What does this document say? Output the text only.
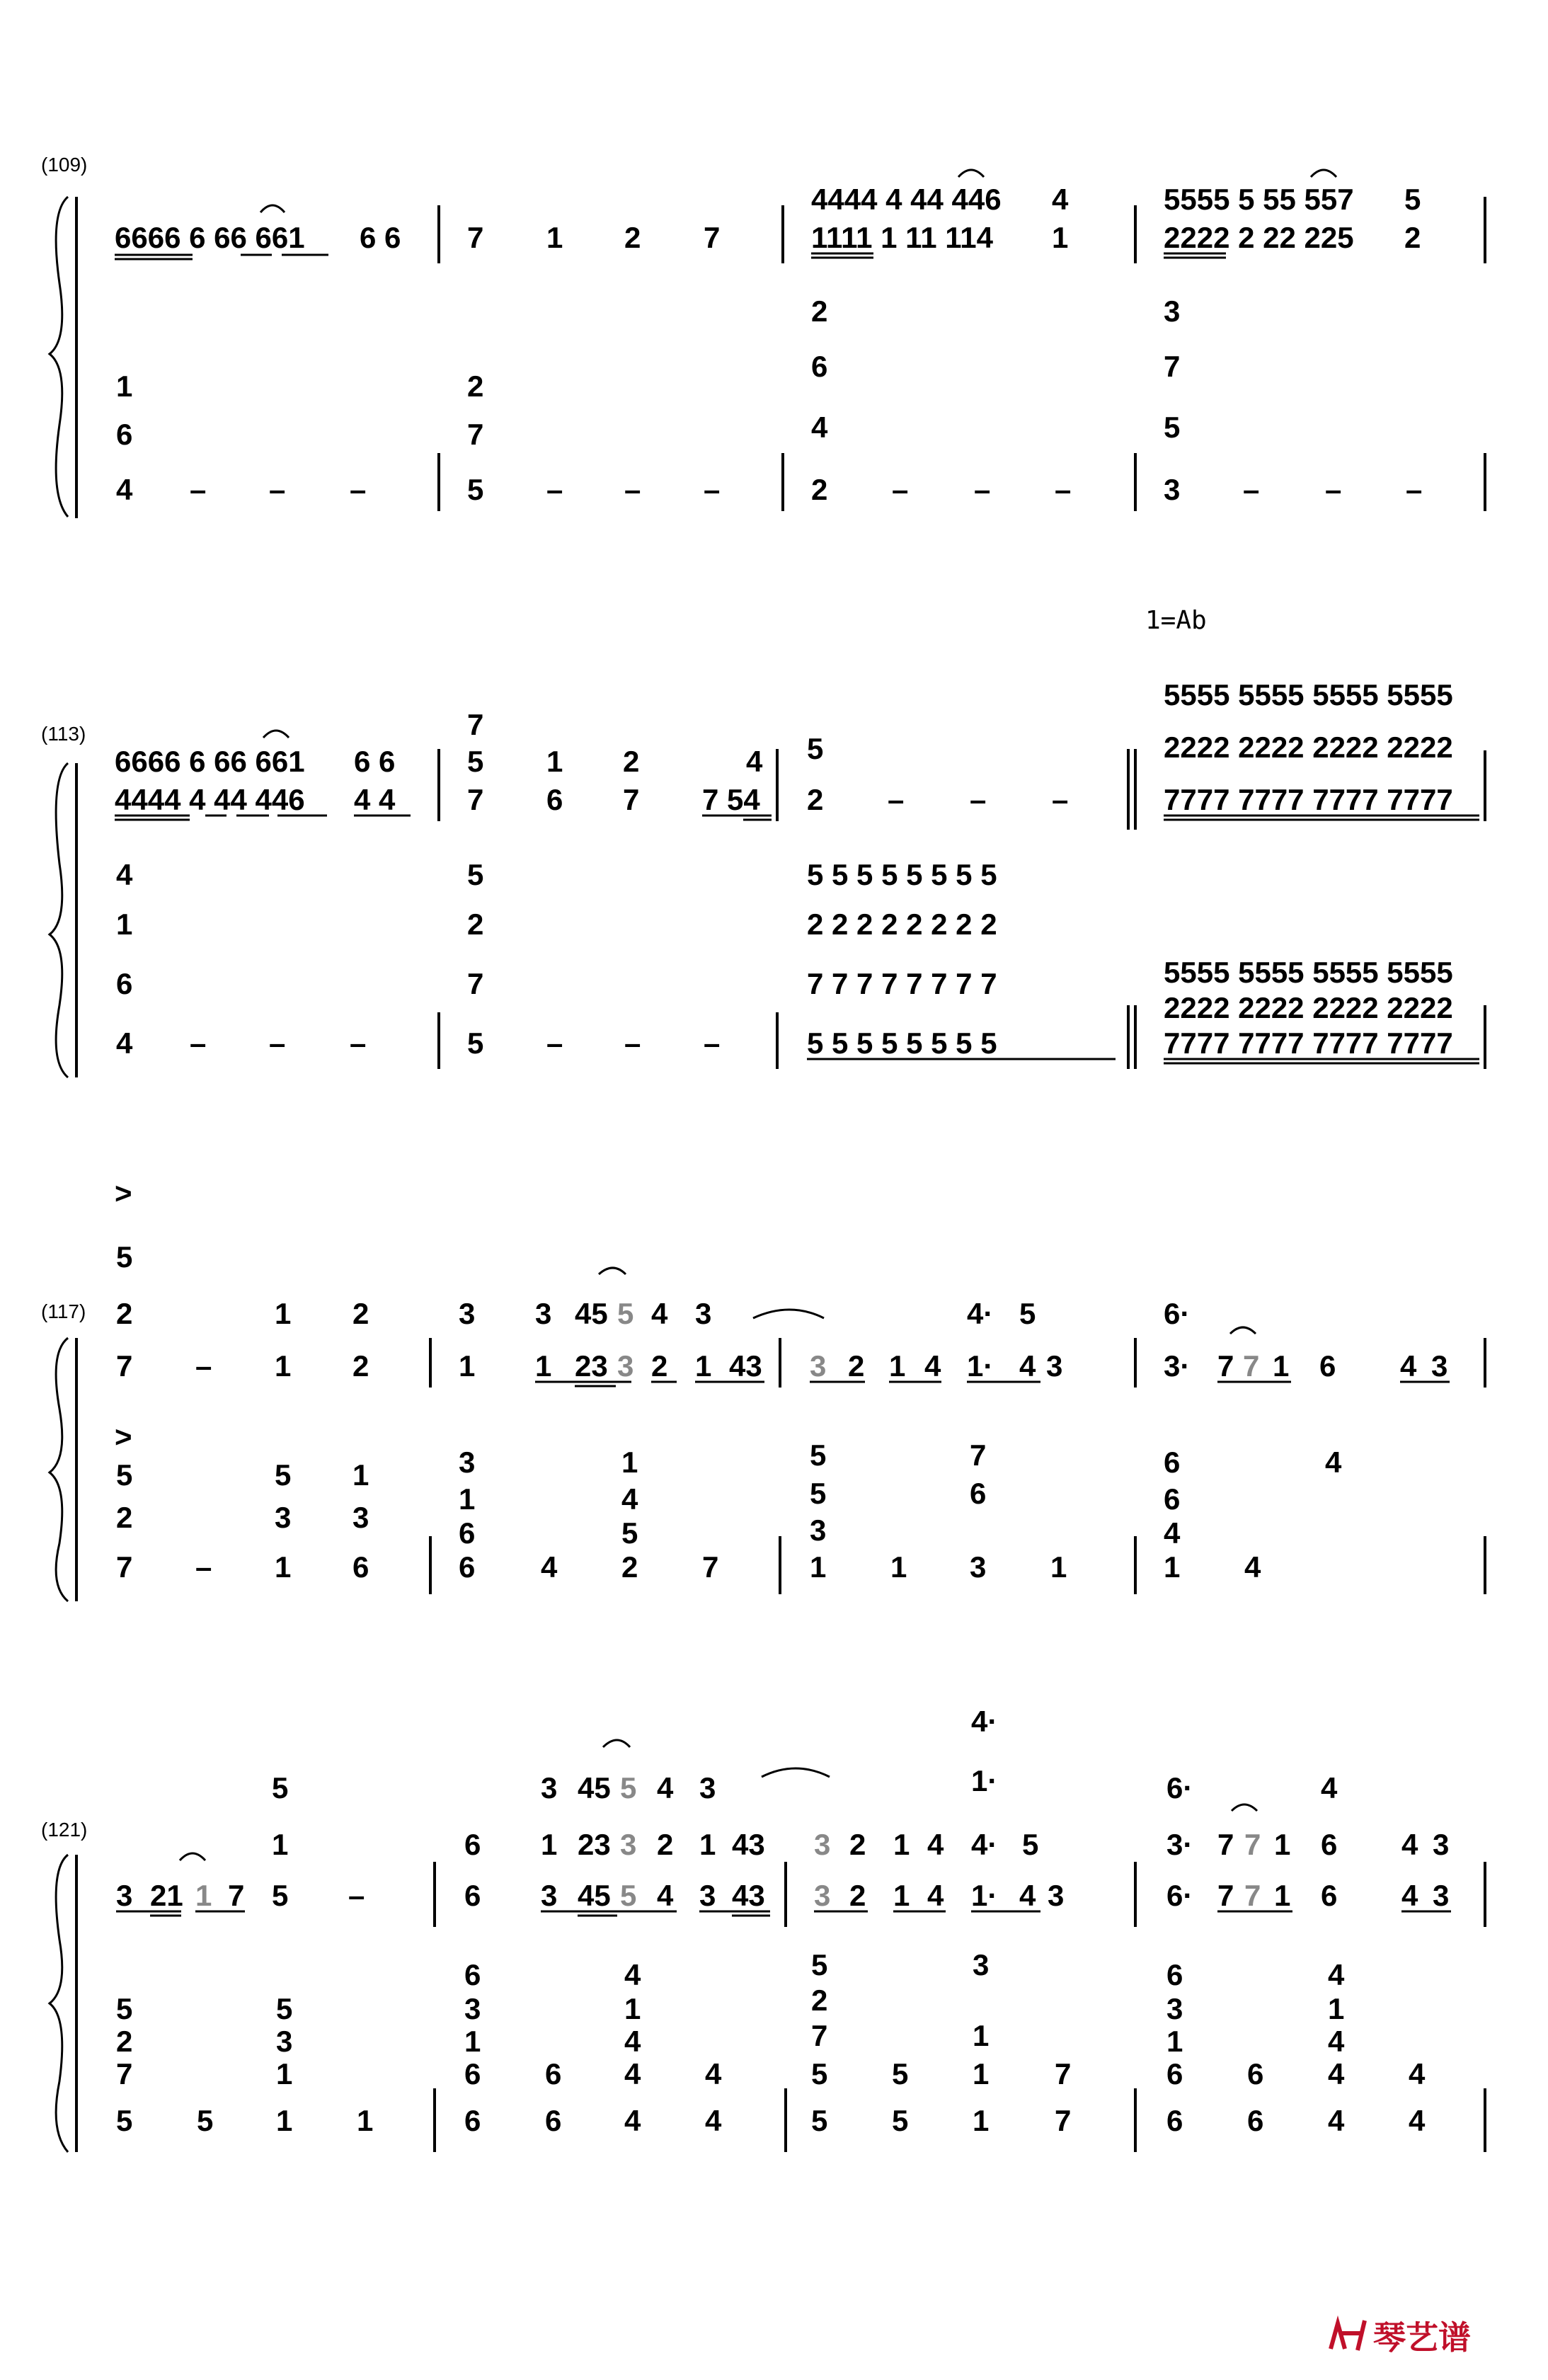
(109)
6666 6 66 661 6 6 7 1 2 7
4444 4 44 446 4
1111 1 11 114 1
5555 5 55 557 5
2222 2 22 225 2
1
6
4 – – –
2
7
5 – – –
2
6
4
2 – – –
3
7
5
3 – – –
1=Ab
(113)
6666 6 66 661 6 6
4444 4 44 446 4 4
7
5 1 2
7 6 7 7 54
4 5
2 – – –
5555 5555 5555 5555
2222 2222 2222 2222
7777 7777 7777 7777
4
1
6
4 – – –
5
2
7
5 – – –
5 5 5 5 5 5 5 5
2 2 2 2 2 2 2 2
7 7 7 7 7 7 7 7
5 5 5 5 5 5 5 5
5555 5555 5555 5555
2222 2222 2222 2222
7777 7777 7777 7777
(117)
>
5
2	1 2
7 – 1 2
3 3 45 5 4 3
1 1 23 3 2 1 43
4· 5
3 2 1 4 1· 4 3
6·
3· 7 7 1 6 4 3
>
5
2
7 – 1
3 3
5 1
6
3
1
6
6 4
1
4
5
2 7
5
5
3
1 1
7
6
3 1
6
6
4
1 4
4
(121)
5
1
3 21 1 7 5 –
6
3 45 5 4 3
1 23 3 2 1 43
6 3 45 5 4 3 43
4·
1·
3 2 1 4 4· 5
3 2 1 4 1· 4 3
6·	4
3· 7 7 1 6 4 3
6· 7 7 1 6 4 3
5
2
7
5 5
5
3
1
1 1
6
3
1
6
6
6
4
1
4
4 4
6 4 4
5
2
7
5
5
5
3
1
1 7
5 1 7
6
3
1
6
6
6
4
1
4
4 4
6 4 4
琴艺谱
